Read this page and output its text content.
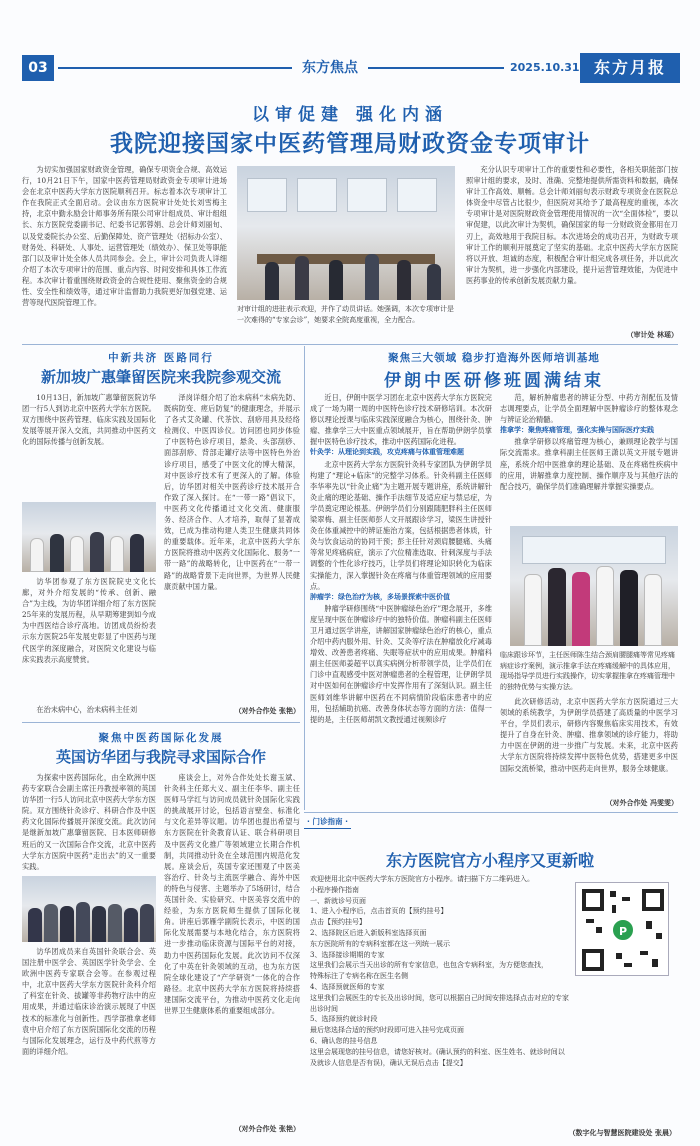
03	东方焦点	2025.10.31 东方月报
以审促建 强化内涵
我院迎接国家中医药管理局财政资金专项审计

为切实加强国家财政资金管理，确保专项资金合规、高效运行，10月21日下午，国家中医药管理局财政资金专项审计进场会在北京中医药大学东方医院顺利召开。标志着本次专项审计工作在我院正式全面启动。会议由东方医院审计处处长刘雪梅主持，北京中勤永励会计师事务所有限公司审计组成员、审计组组长、东方医院党委副书记、纪委书记郭蓉娟、总会计师刘丽旬、以及党委院长办公室、后勤保障处、资产管理处（招标办公室）、财务处、科研处、人事处、运营管理处（绩效办）、保卫处等职能部门以及审计处全体人员共同参会。会上，审计公司负责人详细介绍了本次专项审计的范围、重点内容、时间安排和具体工作流程。本次审计着重围绕财政资金的合规性使用、聚焦资金的合规性、安全性和绩效等，通过审计监督助力我院更好加强党建、运营等现代医院管理工作。

对审计组的进驻表示欢迎，并作了动员讲话。她强调，本次专项审计是一次难得的“专家会诊”，她要求全院高度重视，全力配合。

充分认识专项审计工作的重要性和必要性，各相关职能部门按照审计组的要求，及时、准确、完整地提供所需资料和数据，确保审计工作高效、顺畅。总会计师刘丽旬表示财政专项资金在医院总体资金中尽管占比很少，但医院对其给予了最高程度的重视，本次专项审计是对医院财政资金管理使用情况的一次“全面体检”，要以审促建，以此次审计为契机，确保国家的每一分财政资金都用在刀刃上，高效地用于我院目标。本次进场会的成功召开，为财政专项审计工作的顺利开展奠定了坚实的基础。北京中医药大学东方医院将以开放、坦诚的态度，积极配合审计组完成各项任务，并以此次审计为契机，进一步强化内部建设，提升运营管理效能，为促进中医药事业的传承创新发展贡献力量。

（审计处 林瑶）
中新共济 医路同行
新加坡广惠肇留医院来我院参观交流

10月13日，新加坡广惠肇留医院访华团一行5人到访北京中医药大学东方医院。双方围绕中医药管理、临床实践及国际化发展等展开深入交流，共同推动中医药文化的国际传播与创新发展。

访华团参观了东方医院院史文化长廊，对外介绍发展的“传承、创新、融合”为主线，为访华团详细介绍了东方医院25年来的发展历程，从早期筹建到如今成为中西医结合诊疗高地。访团成员纷纷表示东方医院25年发展史彰显了中医药与现代医学的深度融合，对医院文化建设与临床实践表示高度赞赏。

在治未病中心，治未病科主任刘

泽岗详细介绍了治未病科“未病先防、既病防变、瘥后防复”的健康理念，并展示了各式艾灸罐、代茶饮、刮痧用具及经络检测仪、中医四诊仪。访问团也同步体验了中医特色诊疗项目，悬灸、头部刮痧、面部刮痧、背部走罐疗法等中医特色外治诊疗项目，感受了中医文化的博大精深，对中医诊疗技术有了更深入的了解。体验后，访华团对相关中医药诊疗技术展开合作致了深入探讨。在“一带一路”倡议下，中医药文化传播通过文化交流、健康服务、经济合作、人才培养，取得了显著成效，已成为推动构建人类卫生健康共同体的重要载体。近年来，北京中医药大学东方医院将推动中医药文化国际化、服务“一带一路”的战略转化，让中医药在“一带一路”的战略背景下走向世界，为世界人民健康贡献中国力量。

（对外合作处 张艳）
聚焦中医药国际化发展
英国访华团与我院寻求国际合作

为探索中医药国际化，由全欧洲中医药专家联合会副主席汪丹教授率领的英国访华团一行5人访问北京中医药大学东方医院。双方围绕针灸诊疗、科研合作及中医药文化国际传播展开深度交流。此次访问是继新加坡广惠肇留医院、日本医师研修班后的又一次国际合作交流，北京中医药大学东方医院中医药“走出去”的又一重要实践。

访华团成员来自英国针灸联合会、英国注册中医学会、英国医学针灸学会、全欧洲中医药专家联合会等。在参观过程中，北京中医药大学东方医院针灸科介绍了科室在针灸、拔罐等非药物疗法中的应用成果，并通过临床诊治演示展现了中医技术的标准化与创新性。西学部推拿老师袁中启介绍了东方医院国际化交流的历程与国际化发展理念，运行及中药代煎等方面的详细介绍。

座谈会上，对外合作处处长谢玉斌、针灸科主任郑大义、副主任李华、副主任医师马学红与访问成员就针灸国际化实践的挑战展开讨论，包括语言壁垒、标准化与文化差异等议题。访华团也提出希望与东方医院在针灸教育认证、联合科研项目及中医药文化推广等领域建立长期合作机制，共同推动针灸在全球范围内规范化发展。座谈会后，英国专家还围观了中医美容治疗、针灸与主流医学融合、海外中医的特色与侵害、主题举办了5场研讨，结合英国针灸、实验研究、中医美容交流中的经验，为东方医院师生提供了国际化视角。讲座后郭雁学副院长表示，中医的国际化发展需要与本地化结合，东方医院将进一步推动临床资源与国际平台的对接，助力中医药国际化发展。此次访问不仅深化了中英在针灸领域的互动，也为东方医院全球化建设了“产学研资”一体化的合作路径。北京中医药大学东方医院将持续搭建国际交流平台，为推动中医药文化走向世界卫生健康体系的重要组成部分。

（对外合作处 张艳）
聚焦三大领域 稳步打造海外医师培训基地
伊朗中医研修班圆满结束

近日，伊朗中医学习团在北京中医药大学东方医院完成了一场为期一周的中医特色诊疗技术研修培训。本次研修以理论授课与临床实践深度融合为核心，围绕针灸、肿瘤、推拿学三大中医重点领域展开，旨在帮助伊朗学员掌握中医特色诊疗技术，推动中医药国际化进程。

针灸学：从理论到实践，攻克疼痛与体重管理难题

北京中医药大学东方医院针灸科专家团队为伊朗学员构建了“理论+临床”的完整学习体系。针灸科副主任医师李华率先以“针灸止痛”为主题开展专题讲座，系统讲解针灸止痛的理论基础、操作手法细节及适应症与禁忌症，为学员奠定理论根基。伊朗学员们分别跟随肥胖科主任医师梁翠梅、副主任医师彭人文开展跟诊学习，梁医生讲授针灸在体重减控中的辨证施治方案，包括根据患者体质，针灸与饮食运动的协同干预；彭主任针对颈肩腰腿痛、头痛等常见疼痛病症，演示了穴位精准选取、针刺深度与手法调整的个性化诊疗技巧，让学员们将理论知识转化为临床实操能力，深入掌握针灸在疼痛与体重管理领域的应用要点。

肿瘤学：绿色治疗为核，多场景探索中医价值

肿瘤学研修围绕“中医肿瘤绿色治疗”理念展开，多维度呈现中医在肿瘤诊疗中的独特价值。肿瘤科副主任医师卫月通过医学讲座，讲解国家肿瘤绿色治疗的核心，重点介绍中药内服外用、针灸、艾灸等疗法在肿瘤放化疗减毒增效、改善患者疼痛、失眠等症状中的应用成果。肿瘤科副主任医师姜超平以真实病例分析带领学员，让学员们在门诊中直观感受中医对肿瘤患者的全程管理，让伊朗学员对中医如何在肿瘤诊疗中发挥作用有了深刻认识。副主任医师刘维华讲解中医药在不同病情阶段临床患者中的应用，包括辅助抗癌、改善身体状态等方面的方法：值得一提的是，主任医师胡凯文教授通过视频诊疗

范，解析肿瘤患者的辨证分型、中药方剂配伍及情志调理要点，让学员全面理解中医肿瘤诊疗的整体观念与辨证论治精髓。

推拿学：聚焦疼痛管理，强化实操与国际医疗实践

推拿学研修以疼痛管理为核心，兼顾理论教学与国际交流需求。推拿科副主任医师王潇以英文开展专题讲座，系统介绍中医推拿的理论基础、及在疼痛性疾病中的应用，讲解推拿力度控制、操作顺序及与其他疗法的配合技巧，确保学员们准确理解并掌握实操要点。

临床跟诊环节，主任医师陈生结合颈肩腰腿痛等常见疼痛病症诊疗案例，演示推拿手法在疼痛缓解中的具体应用，现场指导学员进行实践操作，切实掌握推拿在疼痛管理中的独特优势与实操方法。

此次研修活动，北京中医药大学东方医院通过三大领域的系统教学，为伊朗学员搭建了高质量的中医学习平台，学员们表示，研修内容聚焦临床实用技术，有效提升了自身在针灸、肿瘤、推拿领域的诊疗能力，将助力中医在伊朗的进一步推广与发展。未来，北京中医药大学东方医院将持续发挥中医特色优势，搭建更多中医国际交流桥梁，推动中医药走向世界，服务全球健康。

（对外合作处 冯雯雯）
· 门诊指南 ·
东方医院官方小程序又更新啦
欢迎使用北京中医药大学东方医院官方小程序。请扫描下方二维码进入。
小程序操作指南
一、新就诊号页面
1、进入小程序后，点击首页的【预约挂号】
点击【预约挂号】
2、选择院区后进入新版科室选择页面
东方医院所有的专病科室都在这一列统一展示
3、选择接诊期期的专家
这里我们会展示当天出诊的所有专家信息，也包含专病科室，为方便您查找，
特殊标注了专病名称在医生名侧
4、选择预就医师的专家
这里我们会展医生的专长及出诊时间，您可以根据自己时间安排选择点击对应的专家出诊时间
5、选择预约就诊时段
最后您选择合适的预约时段即可进入挂号完成页面
6、确认您的挂号信息
这里会展现您的挂号信息，请您好核对。(确认预约的科室、医生姓名、就诊时间以及就诊人信息是否有误)，确认无误后点击【提交】
P
（数字化与智慧医院建设处 张晨）
